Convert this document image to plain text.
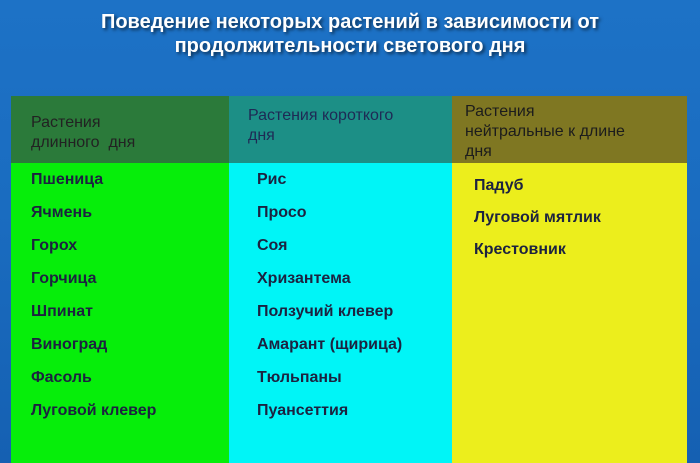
Поведение некоторых растений в зависимости от
продолжительности светового дня
Растения
длинного  дня
Пшеница
Ячмень
Горох
Горчица
Шпинат
Виноград
Фасоль
Луговой клевер
Растения короткого
дня
Рис
Просо
Соя
Хризантема
Ползучий клевер
Амарант (щирица)
Тюльпаны
Пуансеттия
Растения
нейтральные к длине
дня
Падуб
Луговой мятлик
Крестовник
